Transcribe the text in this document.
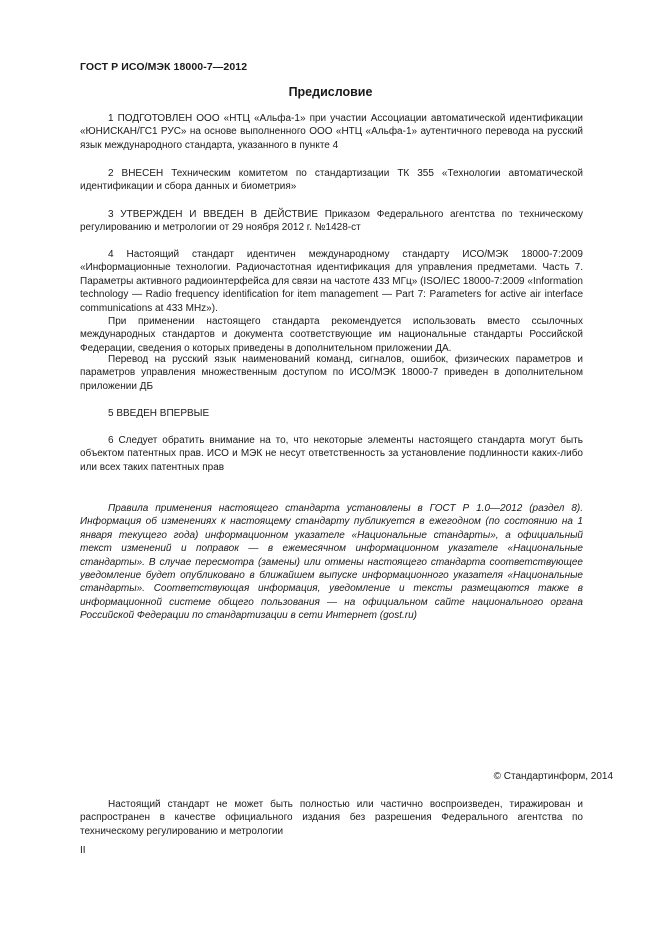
ГОСТ Р ИСО/МЭК 18000-7—2012
Предисловие
1 ПОДГОТОВЛЕН ООО «НТЦ «Альфа-1» при участии Ассоциации автоматической идентификации «ЮНИСКАН/ГС1 РУС» на основе выполненного ООО «НТЦ «Альфа-1» аутентичного перевода на русский язык международного стандарта, указанного в пункте 4
2 ВНЕСЕН Техническим комитетом по стандартизации ТК 355 «Технологии автоматической идентификации и сбора данных и биометрия»
3 УТВЕРЖДЕН И ВВЕДЕН В ДЕЙСТВИЕ Приказом Федерального агентства по техническому регулированию и метрологии от 29 ноября 2012 г. №1428-ст
4 Настоящий стандарт идентичен международному стандарту ИСО/МЭК 18000-7:2009 «Информационные технологии. Радиочастотная идентификация для управления предметами. Часть 7. Параметры активного радиоинтерфейса для связи на частоте 433 МГц» (ISO/IEC 18000-7:2009 «Information technology — Radio frequency identification for item management — Part 7: Parameters for active air interface communications at 433 MHz»).
При применении настоящего стандарта рекомендуется использовать вместо ссылочных международных стандартов и документа соответствующие им национальные стандарты Российской Федерации, сведения о которых приведены в дополнительном приложении ДА.
Перевод на русский язык наименований команд, сигналов, ошибок, физических параметров и параметров управления множественным доступом по ИСО/МЭК 18000-7 приведен в дополнительном приложении ДБ
5 ВВЕДЕН ВПЕРВЫЕ
6 Следует обратить внимание на то, что некоторые элементы настоящего стандарта могут быть объектом патентных прав. ИСО и МЭК не несут ответственность за установление подлинности каких-либо или всех таких патентных прав
Правила применения настоящего стандарта установлены в ГОСТ Р 1.0—2012 (раздел 8). Информация об изменениях к настоящему стандарту публикуется в ежегодном (по состоянию на 1 января текущего года) информационном указателе «Национальные стандарты», а официальный текст изменений и поправок — в ежемесячном информационном указателе «Национальные стандарты». В случае пересмотра (замены) или отмены настоящего стандарта соответствующее уведомление будет опубликовано в ближайшем выпуске информационного указателя «Национальные стандарты». Соответствующая информация, уведомление и тексты размещаются также в информационной системе общего пользования — на официальном сайте национального органа Российской Федерации по стандартизации в сети Интернет (gost.ru)
© Стандартинформ, 2014
Настоящий стандарт не может быть полностью или частично воспроизведен, тиражирован и распространен в качестве официального издания без разрешения Федерального агентства по техническому регулированию и метрологии
II
